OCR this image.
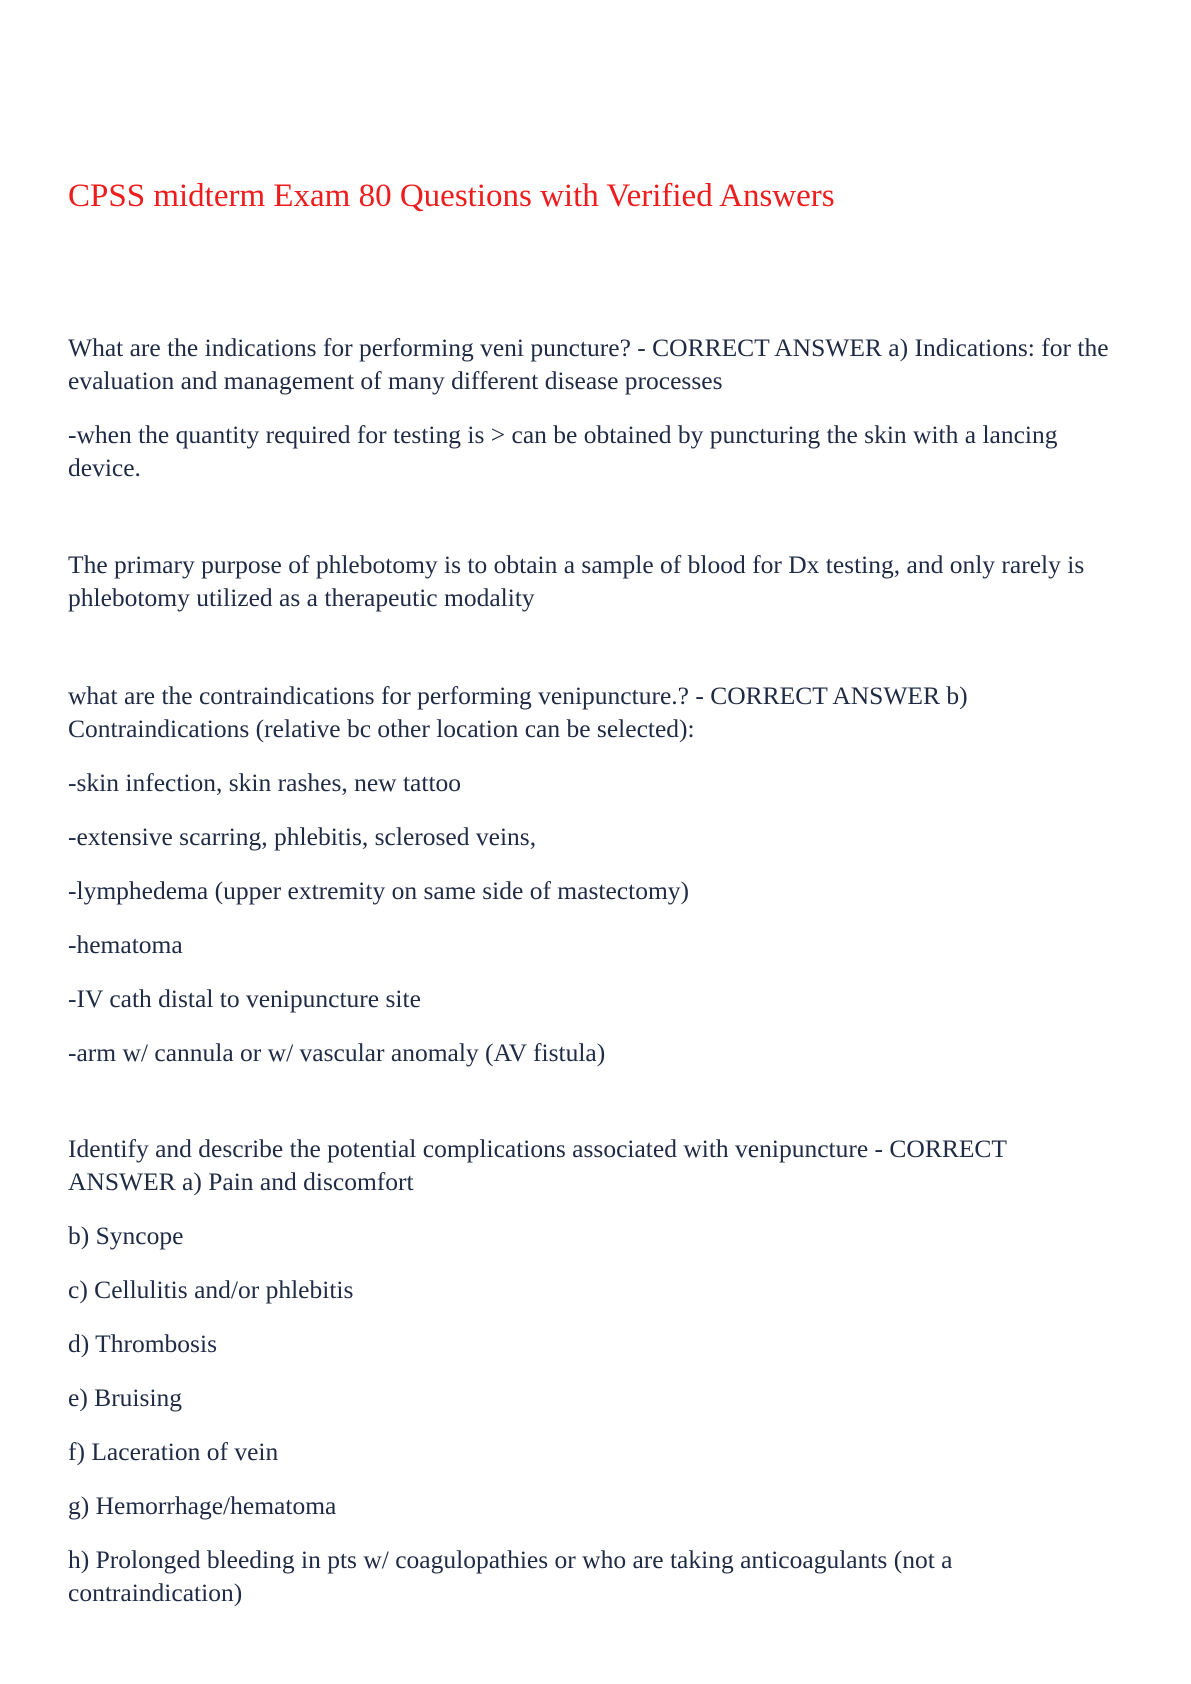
CPSS midterm Exam 80 Questions with Verified Answers

What are the indications for performing veni puncture? - CORRECT ANSWER a) Indications: for the evaluation and management of many different disease processes

-when the quantity required for testing is > can be obtained by puncturing the skin with a lancing device.

The primary purpose of phlebotomy is to obtain a sample of blood for Dx testing, and only rarely is phlebotomy utilized as a therapeutic modality

what are the contraindications for performing venipuncture.? - CORRECT ANSWER b) Contraindications (relative bc other location can be selected):

-skin infection, skin rashes, new tattoo

-extensive scarring, phlebitis, sclerosed veins,

-lymphedema (upper extremity on same side of mastectomy)

-hematoma

-IV cath distal to venipuncture site

-arm w/ cannula or w/ vascular anomaly (AV fistula)

Identify and describe the potential complications associated with venipuncture - CORRECT ANSWER a) Pain and discomfort

b) Syncope

c) Cellulitis and/or phlebitis

d) Thrombosis

e) Bruising

f) Laceration of vein

g) Hemorrhage/hematoma

h) Prolonged bleeding in pts w/ coagulopathies or who are taking anticoagulants (not a contraindication)
